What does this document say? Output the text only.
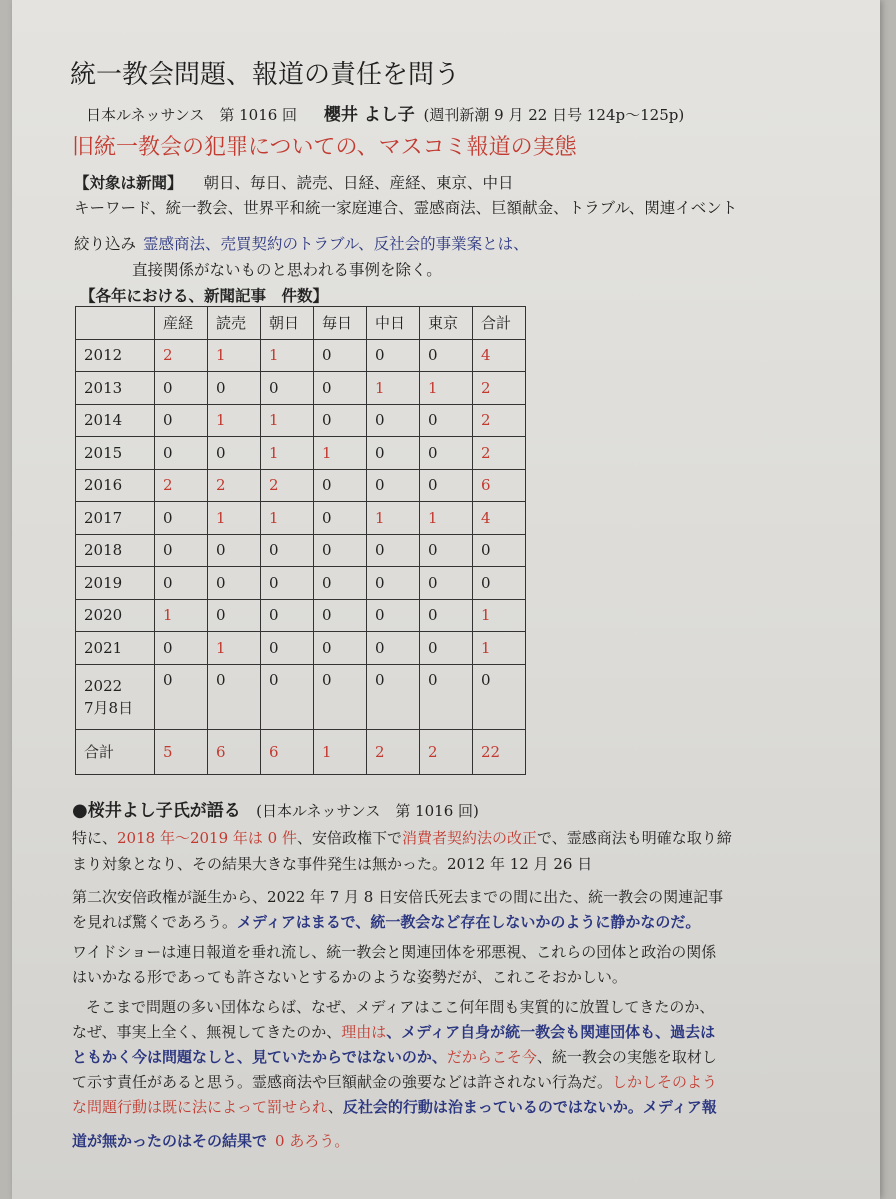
統一教会問題、報道の責任を問う
日本ルネッサンス　第 1016 回 櫻井 よし子 (週刊新潮 9 月 22 日号 124p～125p)
旧統一教会の犯罪についての、マスコミ報道の実態
【対象は新聞】 朝日、毎日、読売、日経、産経、東京、中日
キーワード、統一教会、世界平和統一家庭連合、霊感商法、巨額献金、トラブル、関連イベント
絞り込み 霊感商法、売買契約のトラブル、反社会的事業案とは、
直接関係がないものと思われる事例を除く。
【各年における、新聞記事　件数】
	産経	読売	朝日	毎日	中日	東京	合計

2012	2	1	1	0	0	0	4

2013	0	0	0	0	1	1	2

2014	0	1	1	0	0	0	2

2015	0	0	1	1	0	0	2

2016	2	2	2	0	0	0	6

2017	0	1	1	0	1	1	4

2018	0	0	0	0	0	0	0

2019	0	0	0	0	0	0	0

2020	1	0	0	0	0	0	1

2021	0	1	0	0	0	0	1

2022
7月8日	0	0	0	0	0	0	0

合計	5	6	6	1	2	2	22
●桜井よし子氏が語る (日本ルネッサンス　第 1016 回)
特に、2018 年～2019 年は 0 件、安倍政権下で消費者契約法の改正で、霊感商法も明確な取り締
まり対象となり、その結果大きな事件発生は無かった。2012 年 12 月 26 日
第二次安倍政権が誕生から、2022 年 7 月 8 日安倍氏死去までの間に出た、統一教会の関連記事
を見れば驚くであろう。メディアはまるで、統一教会など存在しないかのように静かなのだ。
ワイドショーは連日報道を垂れ流し、統一教会と関連団体を邪悪視、これらの団体と政治の関係
はいかなる形であっても許さないとするかのような姿勢だが、これこそおかしい。
そこまで問題の多い団体ならば、なぜ、メディアはここ何年間も実質的に放置してきたのか、
なぜ、事実上全く、無視してきたのか、理由は、メディア自身が統一教会も関連団体も、過去は
ともかく今は問題なしと、見ていたからではないのか、だからこそ今、統一教会の実態を取材し
て示す責任があると思う。霊感商法や巨額献金の強要などは許されない行為だ。しかしそのよう
な問題行動は既に法によって罰せられ、反社会的行動は治まっているのではないか。メディア報
道が無かったのはその結果で 0 あろう。
